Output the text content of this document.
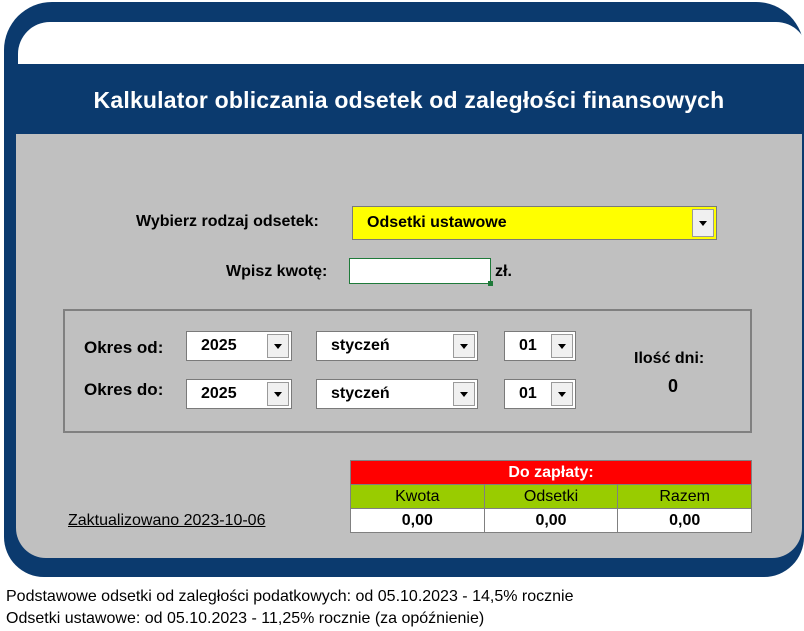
Kalkulator obliczania odsetek od zaległości finansowych
Wybierz rodzaj odsetek:	Odsetki ustawowe
Wpisz kwotę:	zł.
Okres od:	2025	styczeń	01
Okres do:	2025	styczeń	01
Ilość dni:
0
Do zapłaty:
Kwota	Odsetki	Razem
0,00	0,00	0,00
Zaktualizowano 2023-10-06
Podstawowe odsetki od zaległości podatkowych: od 05.10.2023 - 14,5% rocznie
Odsetki ustawowe: od 05.10.2023 - 11,25% rocznie (za opóźnienie)
